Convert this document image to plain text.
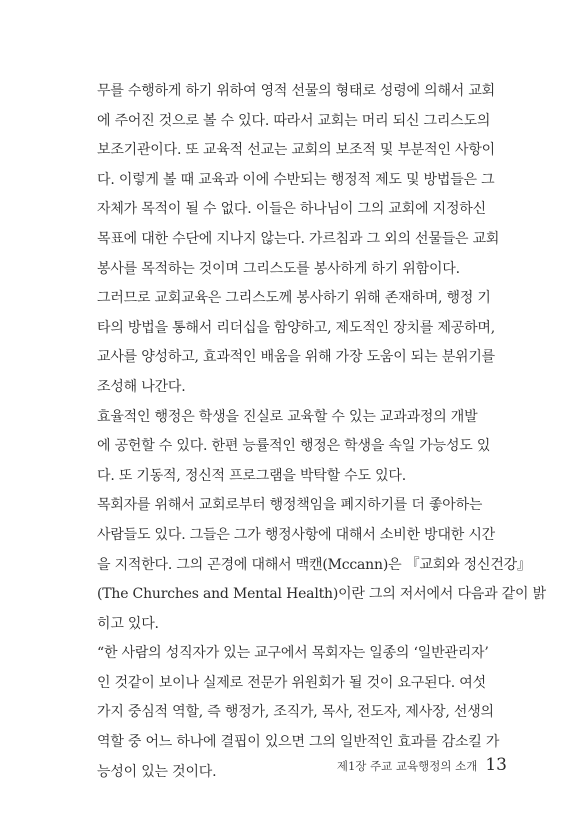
무를 수행하게 하기 위하여 영적 선물의 형태로 성령에 의해서 교회
에 주어진 것으로 볼 수 있다. 따라서 교회는 머리 되신 그리스도의
보조기관이다. 또 교육적 선교는 교회의 보조적 및 부분적인 사항이
다. 이렇게 볼 때 교육과 이에 수반되는 행정적 제도 및 방법들은 그
자체가 목적이 될 수 없다. 이들은 하나님이 그의 교회에 지정하신
목표에 대한 수단에 지나지 않는다. 가르침과 그 외의 선물들은 교회
봉사를 목적하는 것이며 그리스도를 봉사하게 하기 위함이다.
그러므로 교회교육은 그리스도께 봉사하기 위해 존재하며, 행정 기
타의 방법을 통해서 리더십을 함양하고, 제도적인 장치를 제공하며,
교사를 양성하고, 효과적인 배움을 위해 가장 도움이 되는 분위기를
조성해 나간다.
효율적인 행정은 학생을 진실로 교육할 수 있는 교과과정의 개발
에 공헌할 수 있다. 한편 능률적인 행정은 학생을 속일 가능성도 있
다. 또 기동적, 정신적 프로그램을 박탁할 수도 있다.
목회자를 위해서 교회로부터 행정책임을 폐지하기를 더 좋아하는
사람들도 있다. 그들은 그가 행정사항에 대해서 소비한 방대한 시간
을 지적한다. 그의 곤경에 대해서 맥캔(Mccann)은 『교회와 정신건강』
(The Churches and Mental Health)이란 그의 저서에서 다음과 같이 밝
히고 있다.
“한 사람의 성직자가 있는 교구에서 목회자는 일종의 ‘일반관리자’
인 것같이 보이나 실제로 전문가 위원회가 될 것이 요구된다. 여섯
가지 중심적 역할, 즉 행정가, 조직가, 목사, 전도자, 제사장, 선생의
역할 중 어느 하나에 결핍이 있으면 그의 일반적인 효과를 감소킬 가
능성이 있는 것이다.	제1장 주교 교육행정의 소개 13
